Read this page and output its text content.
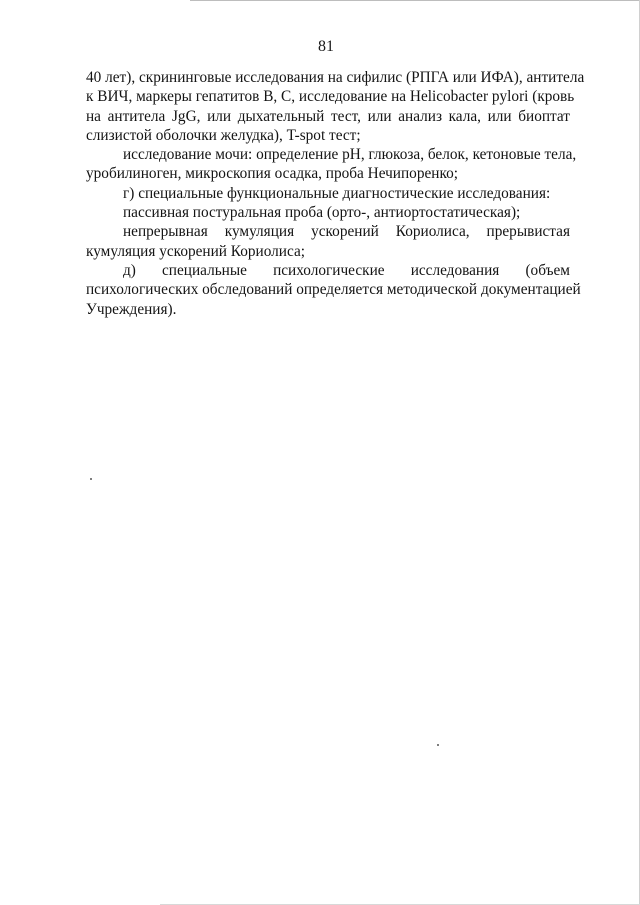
81
40 лет), скрининговые исследования на сифилис (РПГА или ИФА), антитела
к ВИЧ, маркеры гепатитов В, С, исследование на Helicobacter pylori (кровь
на антитела JgG, или дыхательный тест, или анализ кала, или биоптат
слизистой оболочки желудка), T-spot тест;
исследование мочи: определение рН, глюкоза, белок, кетоновые тела,
уробилиноген, микроскопия осадка, проба Нечипоренко;
г) специальные функциональные диагностические исследования:
пассивная постуральная проба (орто-, антиортостатическая);
непрерывная кумуляция ускорений Кориолиса, прерывистая
кумуляция ускорений Кориолиса;
д) специальные психологические исследования (объем
психологических обследований определяется методической документацией
Учреждения).
